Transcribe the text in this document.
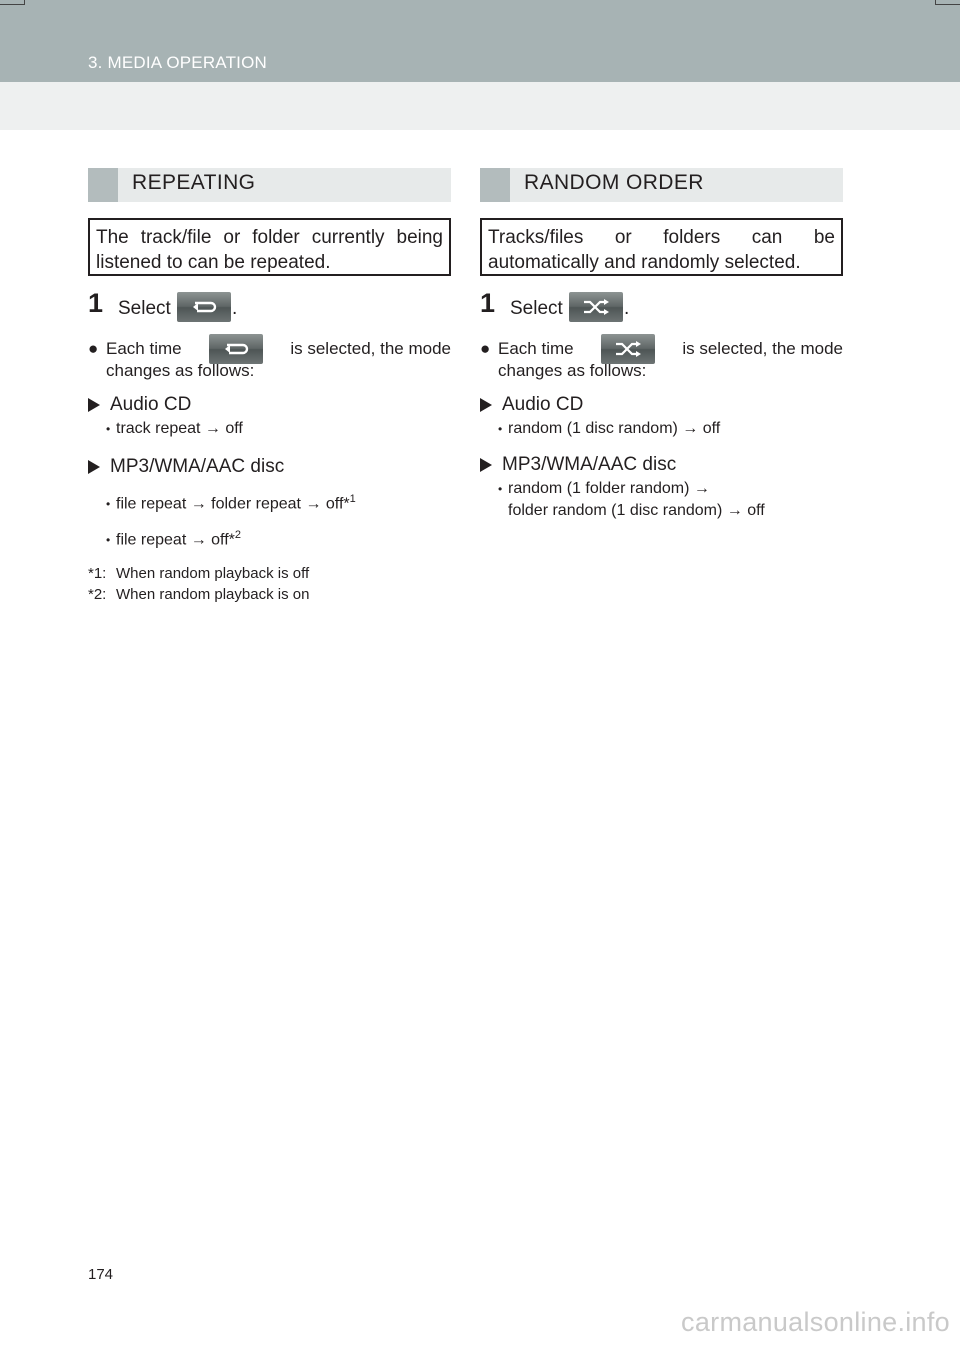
3. MEDIA OPERATION
REPEATING
The track/file or folder currently being listened to can be repeated.
1 Select	.
● Each time	is selected, the mode
changes as follows:
Audio CD
• track repeat → off
MP3/WMA/AAC disc
• file repeat → folder repeat → off*$^1$
• file repeat → off*$^2$
*1: When random playback is off
*2: When random playback is on
RANDOM ORDER
Tracks/files or folders can be automatically and randomly selected.
1 Select	.
● Each time	is selected, the mode
changes as follows:
Audio CD
• random (1 disc random) → off
MP3/WMA/AAC disc
• random (1 folder random) →
folder random (1 disc random) → off
174
carmanualsonline.info
